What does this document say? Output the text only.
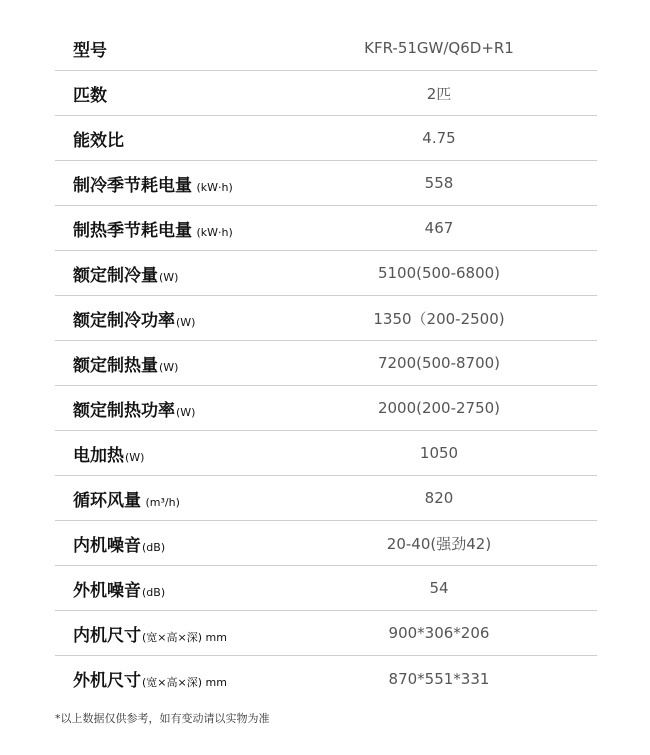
型号	KFR-51GW/Q6D+R1
匹数	2匹
能效比	4.75
制冷季节耗电量 (kW·h)	558
制热季节耗电量 (kW·h)	467
额定制冷量(W)	5100(500-6800)
额定制冷功率(W)	1350（200-2500)
额定制热量(W)	7200(500-8700)
额定制热功率(W)	2000(200-2750)
电加热(W)	1050
循环风量 (m³/h)	820
内机噪音(dB)	20-40(强劲42)
外机噪音(dB)	54
内机尺寸(宽×高×深) mm	900*306*206
外机尺寸(宽×高×深) mm	870*551*331
*以上数据仅供参考，如有变动请以实物为准
